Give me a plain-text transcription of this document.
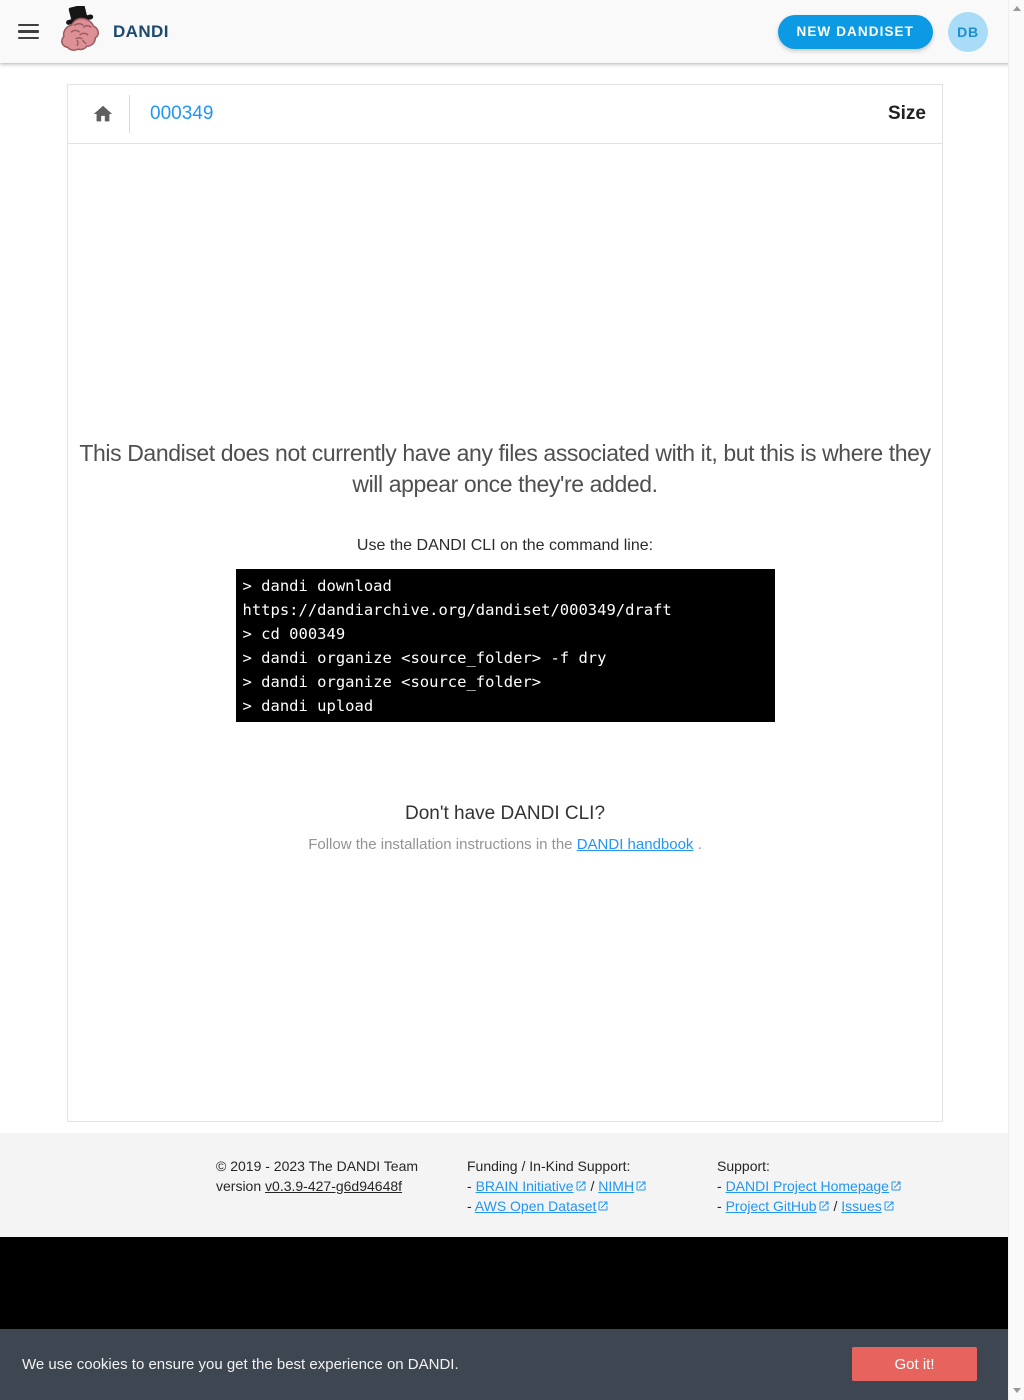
DANDI	NEW DANDISET	DB
000349	Size

This Dandiset does not currently have any files associated with it, but this is where they will appear once they're added.

Use the DANDI CLI on the command line:

> dandi download
https://dandiarchive.org/dandiset/000349/draft
> cd 000349
> dandi organize <source_folder> -f dry
> dandi organize <source_folder>
> dandi upload

Don't have DANDI CLI?

Follow the installation instructions in the DANDI handbook .

© 2019 - 2023 The DANDI Team
version v0.3.9-427-g6d94648f
Funding / In-Kind Support:
- BRAIN Initiative / NIMH
- AWS Open Dataset
Support:
- DANDI Project Homepage
- Project GitHub / Issues
We use cookies to ensure you get the best experience on DANDI.	Got it!
